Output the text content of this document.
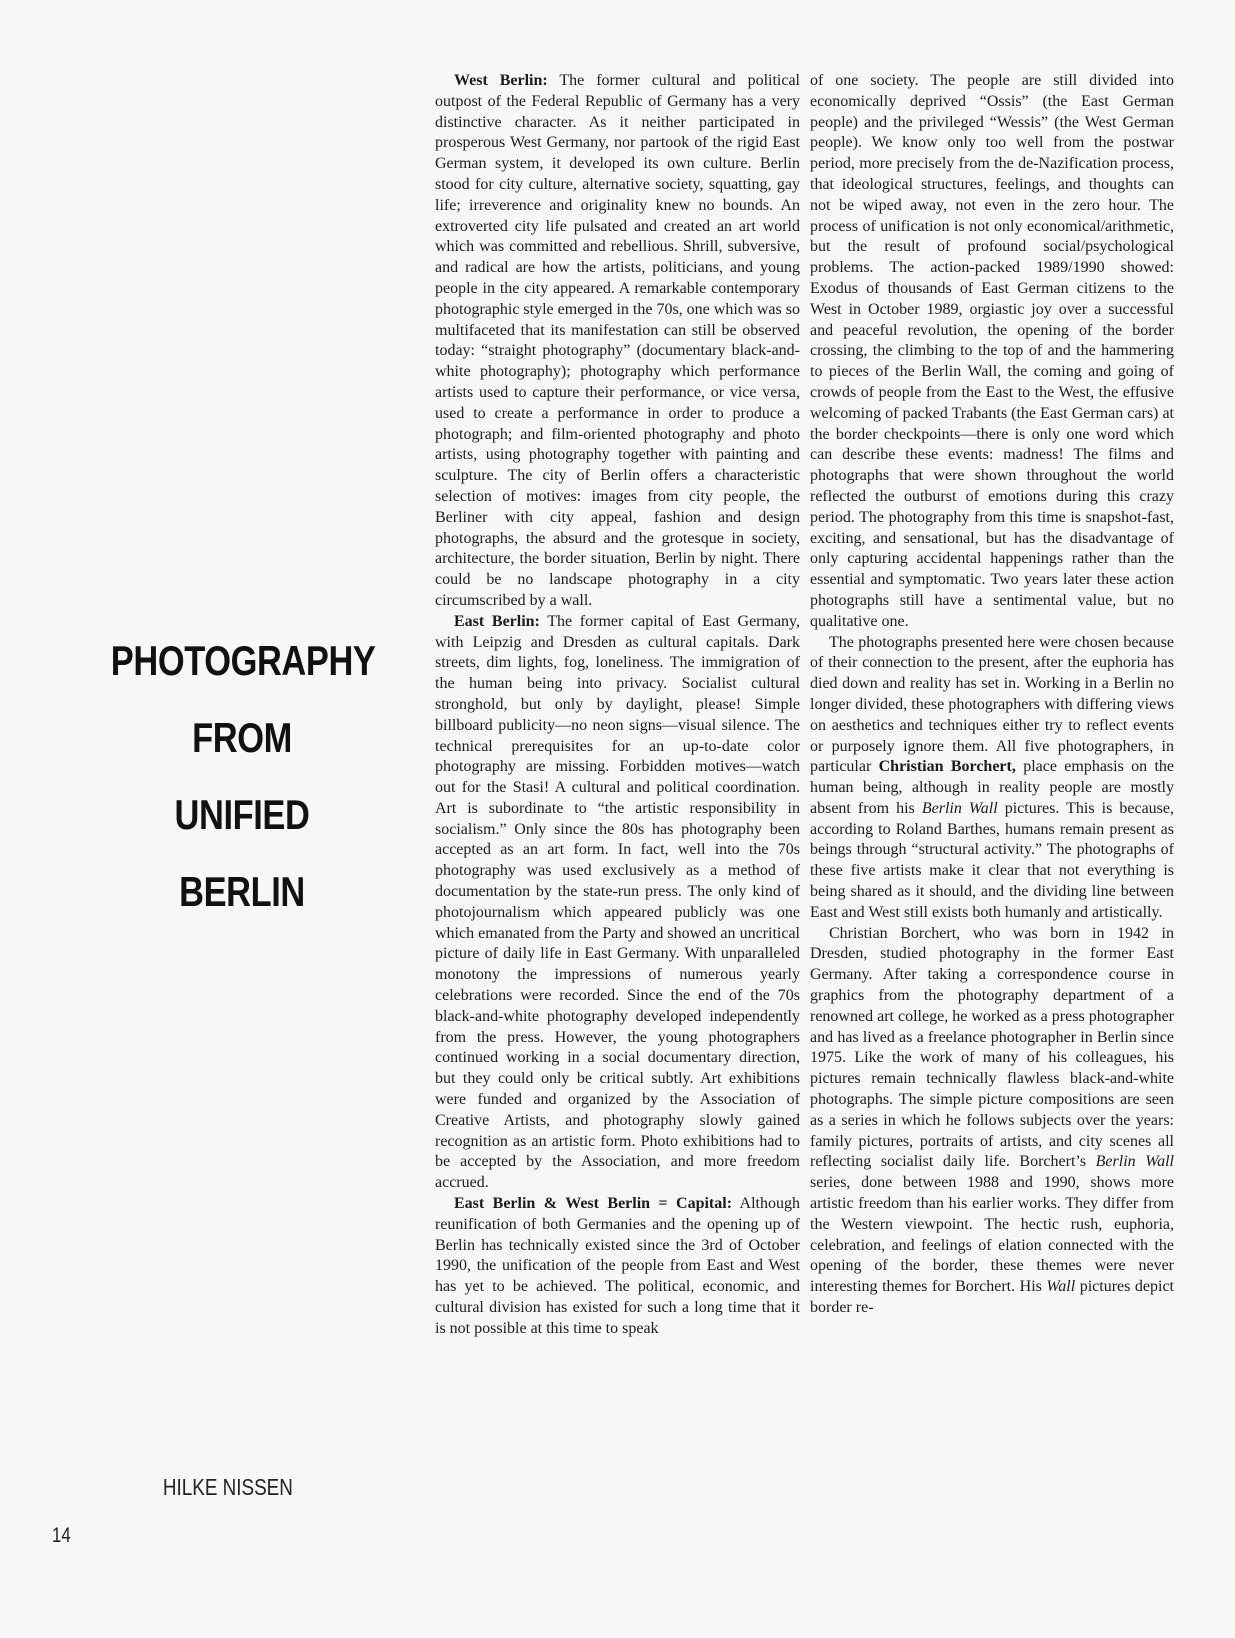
PHOTOGRAPHY
FROM
UNIFIED
BERLIN
HILKE NISSEN
14

West Berlin: The former cultural and political outpost of the Federal Republic of Germany has a very distinctive character. As it neither participated in prosperous West Germany, nor partook of the rigid East German system, it developed its own culture. Berlin stood for city culture, alternative society, squatting, gay life; irreverence and originality knew no bounds. An extroverted city life pulsated and created an art world which was committed and rebellious. Shrill, subversive, and radical are how the artists, politicians, and young people in the city appeared. A remarkable contemporary photographic style emerged in the 70s, one which was so multifaceted that its manifestation can still be observed today: “straight photography” (documentary black-and-white photography); photography which performance artists used to capture their performance, or vice versa, used to create a performance in order to produce a photograph; and film-oriented photography and photo artists, using photography together with painting and sculpture. The city of Berlin offers a characteristic selection of motives: images from city people, the Berliner with city appeal, fashion and design photographs, the absurd and the grotesque in society, architecture, the border situation, Berlin by night. There could be no landscape photography in a city circumscribed by a wall.

East Berlin: The former capital of East Germany, with Leipzig and Dresden as cultural capitals. Dark streets, dim lights, fog, loneliness. The immigration of the human being into privacy. Socialist cultural stronghold, but only by daylight, please! Simple billboard publicity—no neon signs—visual silence. The technical prerequisites for an up-to-date color photography are missing. Forbidden motives—watch out for the Stasi! A cultural and political coordination. Art is subordinate to “the artistic responsibility in socialism.” Only since the 80s has photography been accepted as an art form. In fact, well into the 70s photography was used exclusively as a method of documentation by the state-run press. The only kind of photojournalism which appeared publicly was one which emanated from the Party and showed an uncritical picture of daily life in East Germany. With unparalleled monotony the impressions of numerous yearly celebrations were recorded. Since the end of the 70s black-and-white photography developed independently from the press. However, the young photographers continued working in a social documentary direction, but they could only be critical subtly. Art exhibitions were funded and organized by the Association of Creative Artists, and photography slowly gained recognition as an artistic form. Photo exhibitions had to be accepted by the Association, and more freedom accrued.

East Berlin & West Berlin = Capital: Although reunification of both Germanies and the opening up of Berlin has technically existed since the 3rd of October 1990, the unification of the people from East and West has yet to be achieved. The political, economic, and cultural division has existed for such a long time that it is not possible at this time to speak

of one society. The people are still divided into economically deprived “Ossis” (the East German people) and the privileged “Wessis” (the West German people). We know only too well from the postwar period, more precisely from the de-Nazification process, that ideological structures, feelings, and thoughts can not be wiped away, not even in the zero hour. The process of unification is not only economical/arithmetic, but the result of profound social/psychological problems. The action-packed 1989/1990 showed: Exodus of thousands of East German citizens to the West in October 1989, orgiastic joy over a successful and peaceful revolution, the opening of the border crossing, the climbing to the top of and the hammering to pieces of the Berlin Wall, the coming and going of crowds of people from the East to the West, the effusive welcoming of packed Trabants (the East German cars) at the border checkpoints—there is only one word which can describe these events: madness! The films and photographs that were shown throughout the world reflected the outburst of emotions during this crazy period. The photography from this time is snapshot-fast, exciting, and sensational, but has the disadvantage of only capturing accidental happenings rather than the essential and symptomatic. Two years later these action photographs still have a sentimental value, but no qualitative one.

The photographs presented here were chosen because of their connection to the present, after the euphoria has died down and reality has set in. Working in a Berlin no longer divided, these photographers with differing views on aesthetics and techniques either try to reflect events or purposely ignore them. All five photographers, in particular Christian Borchert, place emphasis on the human being, although in reality people are mostly absent from his Berlin Wall pictures. This is because, according to Roland Barthes, humans remain present as beings through “structural activity.” The photographs of these five artists make it clear that not everything is being shared as it should, and the dividing line between East and West still exists both humanly and artistically.

Christian Borchert, who was born in 1942 in Dresden, studied photography in the former East Germany. After taking a correspondence course in graphics from the photography department of a renowned art college, he worked as a press photographer and has lived as a freelance photographer in Berlin since 1975. Like the work of many of his colleagues, his pictures remain technically flawless black-and-white photographs. The simple picture compositions are seen as a series in which he follows subjects over the years: family pictures, portraits of artists, and city scenes all reflecting socialist daily life. Borchert’s Berlin Wall series, done between 1988 and 1990, shows more artistic freedom than his earlier works. They differ from the Western viewpoint. The hectic rush, euphoria, celebration, and feelings of elation connected with the opening of the border, these themes were never interesting themes for Borchert. His Wall pictures depict border re-
